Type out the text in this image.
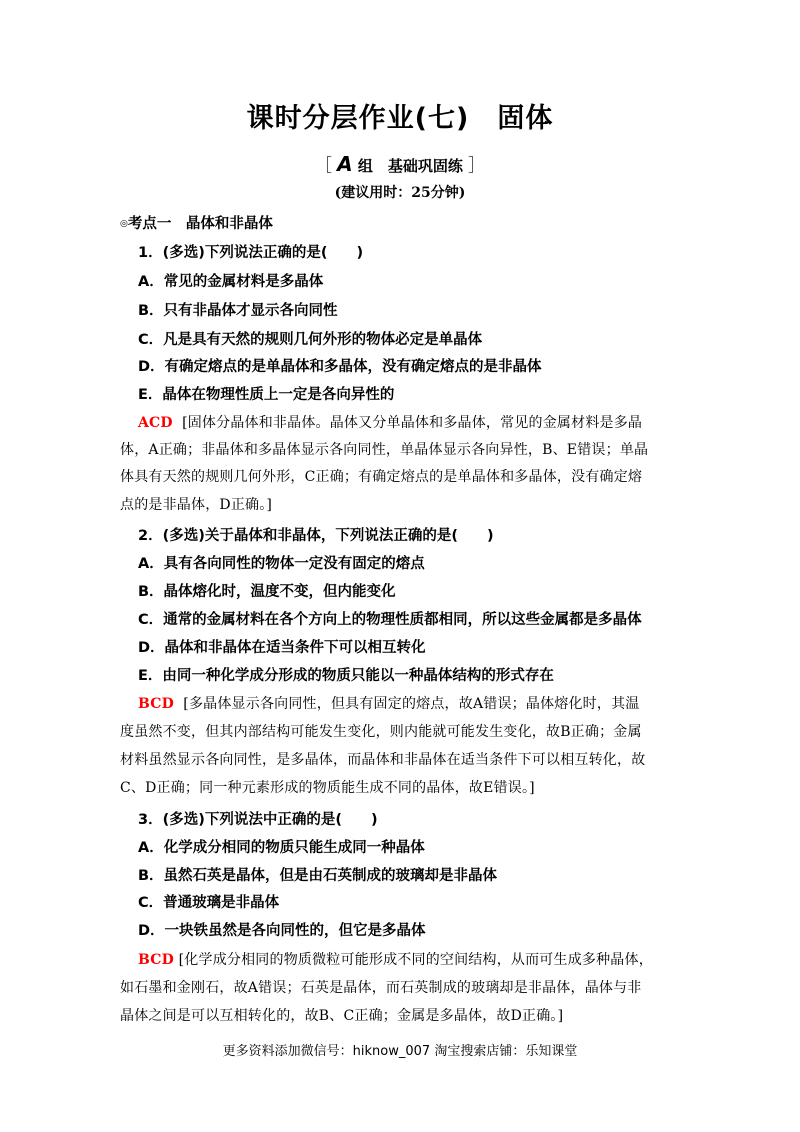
课时分层作业(七)　固体
［ A 组　基础巩固练 ］
(建议用时：25分钟)
◎考点一　晶体和非晶体
1．(多选)下列说法正确的是(　　)
A．常见的金属材料是多晶体
B．只有非晶体才显示各向同性
C．凡是具有天然的规则几何外形的物体必定是单晶体
D．有确定熔点的是单晶体和多晶体，没有确定熔点的是非晶体
E．晶体在物理性质上一定是各向异性的
ACD [固体分晶体和非晶体。晶体又分单晶体和多晶体，常见的金属材料是多晶
体，A正确；非晶体和多晶体显示各向同性，单晶体显示各向异性，B、E错误；单晶
体具有天然的规则几何外形，C正确；有确定熔点的是单晶体和多晶体，没有确定熔
点的是非晶体，D正确。]
2．(多选)关于晶体和非晶体，下列说法正确的是(　　)
A．具有各向同性的物体一定没有固定的熔点
B．晶体熔化时，温度不变，但内能变化
C．通常的金属材料在各个方向上的物理性质都相同，所以这些金属都是多晶体
D．晶体和非晶体在适当条件下可以相互转化
E．由同一种化学成分形成的物质只能以一种晶体结构的形式存在
BCD [多晶体显示各向同性，但具有固定的熔点，故A错误；晶体熔化时，其温
度虽然不变，但其内部结构可能发生变化，则内能就可能发生变化，故B正确；金属
材料虽然显示各向同性，是多晶体，而晶体和非晶体在适当条件下可以相互转化，故
C、D正确；同一种元素形成的物质能生成不同的晶体，故E错误。]
3．(多选)下列说法中正确的是(　　)
A．化学成分相同的物质只能生成同一种晶体
B．虽然石英是晶体，但是由石英制成的玻璃却是非晶体
C．普通玻璃是非晶体
D．一块铁虽然是各向同性的，但它是多晶体
BCD [化学成分相同的物质微粒可能形成不同的空间结构，从而可生成多种晶体，
如石墨和金刚石，故A错误；石英是晶体，而石英制成的玻璃却是非晶体，晶体与非
晶体之间是可以互相转化的，故B、C正确；金属是多晶体，故D正确。]
更多资料添加微信号：hiknow_007 淘宝搜索店铺：乐知课堂
